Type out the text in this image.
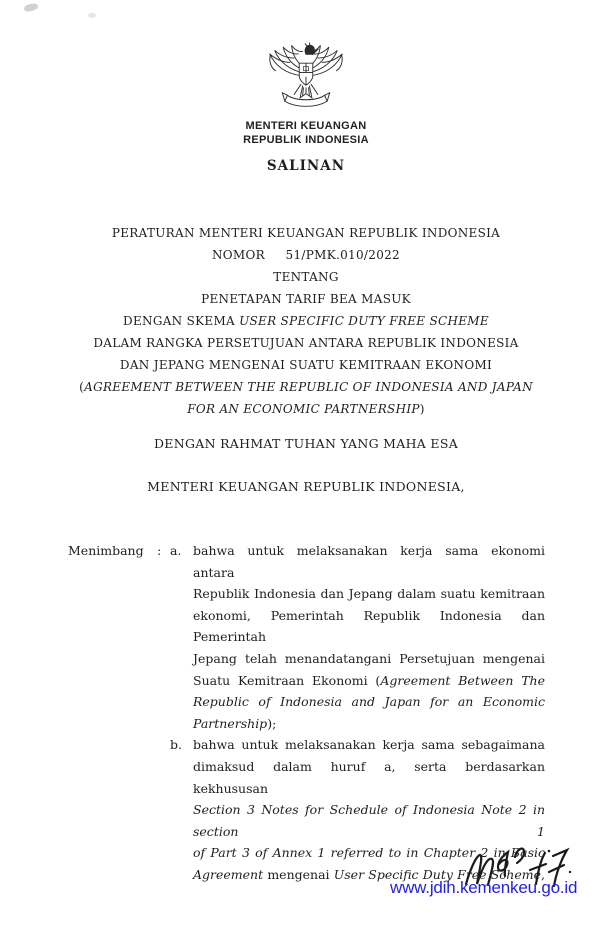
MENTERI KEUANGAN
REPUBLIK INDONESIA
SALINAN
PERATURAN MENTERI KEUANGAN REPUBLIK INDONESIA
NOMOR     51/PMK.010/2022
TENTANG
PENETAPAN TARIF BEA MASUK
DENGAN SKEMA USER SPECIFIC DUTY FREE SCHEME
DALAM RANGKA PERSETUJUAN ANTARA REPUBLIK INDONESIA
DAN JEPANG MENGENAI SUATU KEMITRAAN EKONOMI
(AGREEMENT BETWEEN THE REPUBLIC OF INDONESIA AND JAPAN
FOR AN ECONOMIC PARTNERSHIP)
DENGAN RAHMAT TUHAN YANG MAHA ESA
MENTERI KEUANGAN REPUBLIK INDONESIA,
Menimbang	: a. bahwa untuk melaksanakan kerja sama ekonomi antara
Republik Indonesia dan Jepang dalam suatu kemitraan
ekonomi, Pemerintah Republik Indonesia dan Pemerintah
Jepang telah menandatangani Persetujuan mengenai
Suatu Kemitraan Ekonomi (Agreement Between The
Republic of Indonesia and Japan for an Economic
Partnership);
b. bahwa untuk melaksanakan kerja sama sebagaimana
dimaksud dalam huruf a, serta berdasarkan kekhususan
Section 3 Notes for Schedule of Indonesia Note 2 in section 1
of Part 3 of Annex 1 referred to in Chapter 2 in Basic
Agreement mengenai User Specific Duty Free Scheme,
www.jdih.kemenkeu.go.id
